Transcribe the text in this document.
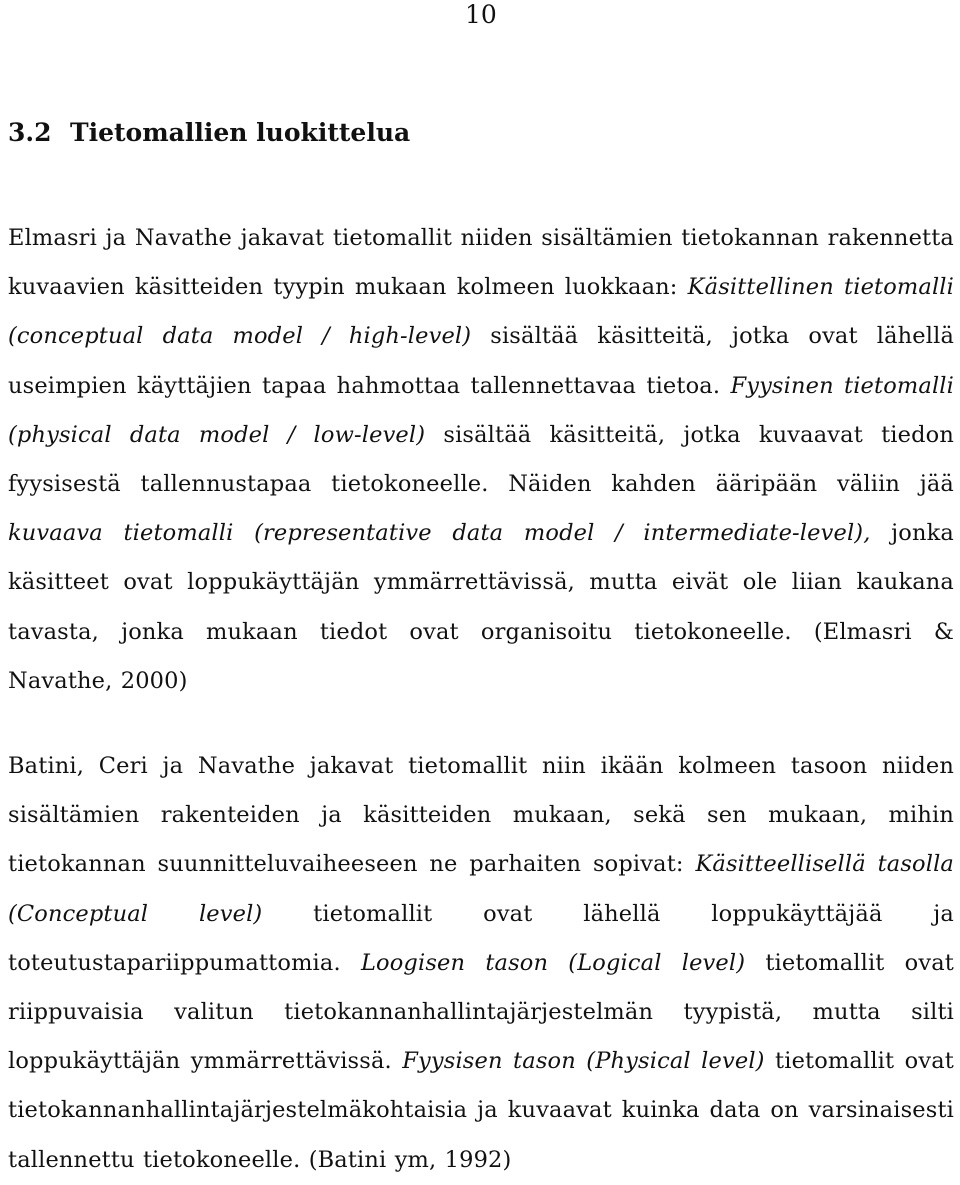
10
3.2 Tietomallien luokittelua

Elmasri ja Navathe jakavat tietomallit niiden sisältämien tietokannan rakennetta kuvaavien käsitteiden tyypin mukaan kolmeen luokkaan: Käsittellinen tietomalli (conceptual data model / high-level) sisältää käsitteitä, jotka ovat lähellä useimpien käyttäjien tapaa hahmottaa tallennettavaa tietoa. Fyysinen tietomalli (physical data model / low-level) sisältää käsitteitä, jotka kuvaavat tiedon fyysisestä tallennustapaa tietokoneelle. Näiden kahden ääripään väliin jää kuvaava tietomalli (representative data model / intermediate-level), jonka käsitteet ovat loppukäyttäjän ymmärrettävissä, mutta eivät ole liian kaukana tavasta, jonka mukaan tiedot ovat organisoitu tietokoneelle. (Elmasri & Navathe, 2000)

Batini, Ceri ja Navathe jakavat tietomallit niin ikään kolmeen tasoon niiden sisältämien rakenteiden ja käsitteiden mukaan, sekä sen mukaan, mihin tietokannan suunnitteluvaiheeseen ne parhaiten sopivat: Käsitteellisellä tasolla (Conceptual level) tietomallit ovat lähellä loppukäyttäjää ja toteutustapariippumattomia. Loogisen tason (Logical level) tietomallit ovat riippuvaisia valitun tietokannanhallintajärjestelmän tyypistä, mutta silti loppukäyttäjän ymmärrettävissä. Fyysisen tason (Physical level) tietomallit ovat tietokannanhallintajärjestelmäkohtaisia ja kuvaavat kuinka data on varsinaisesti tallennettu tietokoneelle. (Batini ym, 1992)
